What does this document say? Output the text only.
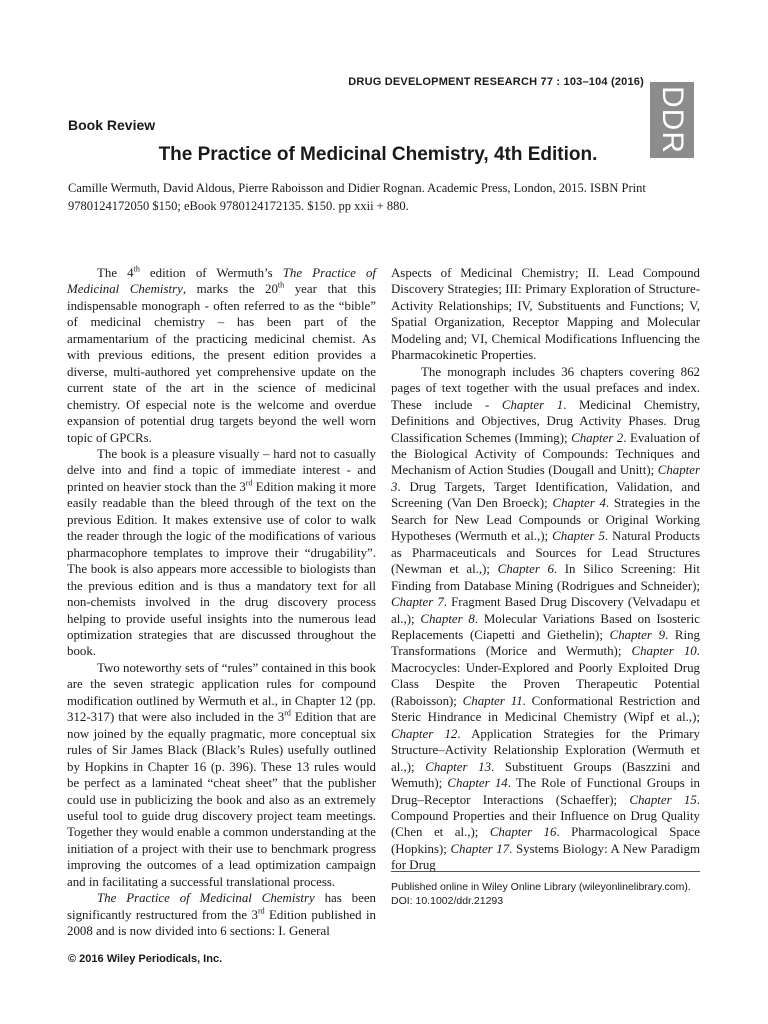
DRUG DEVELOPMENT RESEARCH 77 : 103–104 (2016)
DDR
Book Review
The Practice of Medicinal Chemistry, 4th Edition.
Camille Wermuth, David Aldous, Pierre Raboisson and Didier Rognan. Academic Press, London, 2015. ISBN Print 9780124172050 $150; eBook 9780124172135. $150. pp xxii + 880.

The 4th edition of Wermuth’s The Practice of Medicinal Chemistry, marks the 20th year that this indispensable monograph - often referred to as the “bible” of medicinal chemistry – has been part of the armamentarium of the practicing medicinal chemist. As with previous editions, the present edition provides a diverse, multi-authored yet comprehensive update on the current state of the art in the science of medicinal chemistry. Of especial note is the welcome and overdue expansion of potential drug targets beyond the well worn topic of GPCRs.

The book is a pleasure visually – hard not to casually delve into and find a topic of immediate interest - and printed on heavier stock than the 3rd Edition making it more easily readable than the bleed through of the text on the previous Edition. It makes extensive use of color to walk the reader through the logic of the modifications of various pharmacophore templates to improve their “drugability”. The book is also appears more accessible to biologists than the previous edition and is thus a mandatory text for all non-chemists involved in the drug discovery process helping to provide useful insights into the numerous lead optimization strategies that are discussed throughout the book.

Two noteworthy sets of “rules” contained in this book are the seven strategic application rules for compound modification outlined by Wermuth et al., in Chapter 12 (pp. 312-317) that were also included in the 3rd Edition that are now joined by the equally pragmatic, more conceptual six rules of Sir James Black (Black’s Rules) usefully outlined by Hopkins in Chapter 16 (p. 396). These 13 rules would be perfect as a laminated “cheat sheet” that the publisher could use in publicizing the book and also as an extremely useful tool to guide drug discovery project team meetings. Together they would enable a common understanding at the initiation of a project with their use to benchmark progress improving the outcomes of a lead optimization campaign and in facilitating a successful translational process.

The Practice of Medicinal Chemistry has been significantly restructured from the 3rd Edition published in 2008 and is now divided into 6 sections: I. General

Aspects of Medicinal Chemistry; II. Lead Compound Discovery Strategies; III: Primary Exploration of Structure-Activity Relationships; IV, Substituents and Functions; V, Spatial Organization, Receptor Mapping and Molecular Modeling and; VI, Chemical Modifications Influencing the Pharmacokinetic Properties.

The monograph includes 36 chapters covering 862 pages of text together with the usual prefaces and index. These include - Chapter 1. Medicinal Chemistry, Definitions and Objectives, Drug Activity Phases. Drug Classification Schemes (Imming); Chapter 2. Evaluation of the Biological Activity of Compounds: Techniques and Mechanism of Action Studies (Dougall and Unitt); Chapter 3. Drug Targets, Target Identification, Validation, and Screening (Van Den Broeck); Chapter 4. Strategies in the Search for New Lead Compounds or Original Working Hypotheses (Wermuth et al.,); Chapter 5. Natural Products as Pharmaceuticals and Sources for Lead Structures (Newman et al.,); Chapter 6. In Silico Screening: Hit Finding from Database Mining (Rodrigues and Schneider); Chapter 7. Fragment Based Drug Discovery (Velvadapu et al.,); Chapter 8. Molecular Variations Based on Isosteric Replacements (Ciapetti and Giethelin); Chapter 9. Ring Transformations (Morice and Wermuth); Chapter 10. Macrocycles: Under-Explored and Poorly Exploited Drug Class Despite the Proven Therapeutic Potential (Raboisson); Chapter 11. Conformational Restriction and Steric Hindrance in Medicinal Chemistry (Wipf et al.,); Chapter 12. Application Strategies for the Primary Structure–Activity Relationship Exploration (Wermuth et al.,); Chapter 13. Substituent Groups (Baszzini and Wemuth); Chapter 14. The Role of Functional Groups in Drug–Receptor Interactions (Schaeffer); Chapter 15. Compound Properties and their Influence on Drug Quality (Chen et al.,); Chapter 16. Pharmacological Space (Hopkins); Chapter 17. Systems Biology: A New Paradigm for Drug

Published online in Wiley Online Library (wileyonlinelibrary.com). DOI: 10.1002/ddr.21293
© 2016 Wiley Periodicals, Inc.
